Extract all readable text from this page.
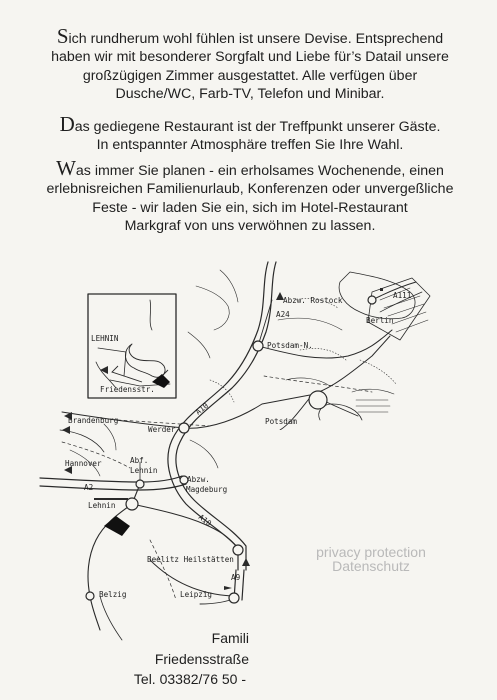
Sich rundherum wohl fühlen ist unsere Devise. Entsprechend
haben wir mit besonderer Sorgfalt und Liebe für’s Datail unsere
großzügigen Zimmer ausgestattet. Alle verfügen über
Dusche/WC, Farb-TV, Telefon und Minibar.
Das gediegene Restaurant ist der Treffpunkt unserer Gäste.
In entspannter Atmosphäre treffen Sie Ihre Wahl.
Was immer Sie planen - ein erholsames Wochenende, einen
erlebnisreichen Familienurlaub, Konferenzen oder unvergeßliche
Feste - wir laden Sie ein, sich im Hotel-Restaurant
Markgraf von uns verwöhnen zu lassen.
LEHNIN
Friedensstr.
Abzw. Rostock
A24
A111
Berlin
Potsdam-N.
Potsdam
Brandenburg
Werder
A10
Hannover	Abf.
Lehnin
A2
Abzw.
Magdeburg
Lehnin
A10
Beelitz Heilstätten
A9
Leipzig
Belzig
Famili
Friedensstraße
Tel. 03382/76 50 -
privacy protection
Datenschutz
